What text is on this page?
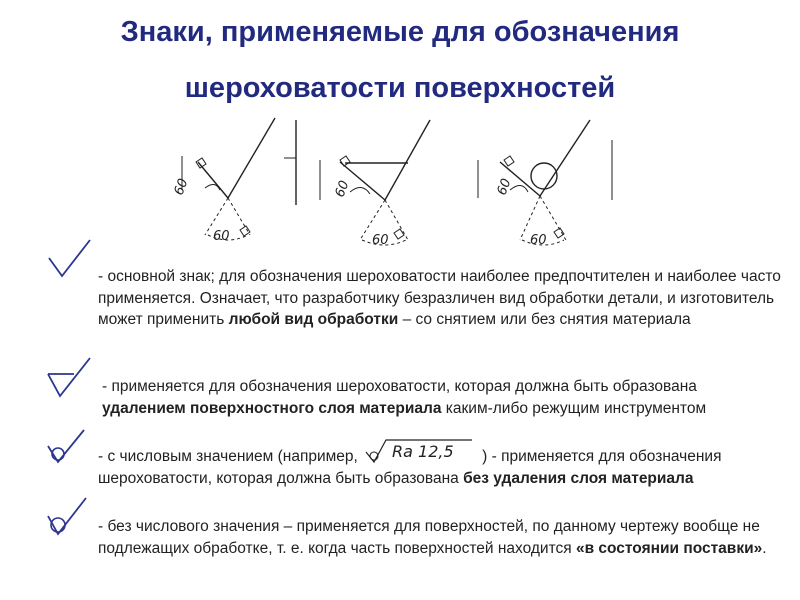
Знаки, применяемые для обозначения
шероховатости поверхностей
60
60
60
60
60
60
- основной знак; для обозначения шероховатости наиболее предпочтителен и наиболее часто применяется. Означает, что разработчику безразличен вид обработки детали, и изготовитель может применить любой вид обработки – со снятием или без снятия материала
- применяется для обозначения шероховатости, которая должна быть образована удалением поверхностного слоя материала каким-либо режущим инструментом
- с числовым значением (например, Ra 12,5 ) - применяется для обозначения шероховатости, которая должна быть образована без удаления слоя материала
- без числового значения – применяется для поверхностей, по данному чертежу вообще не подлежащих обработке, т. е. когда часть поверхностей находится «в состоянии поставки».
